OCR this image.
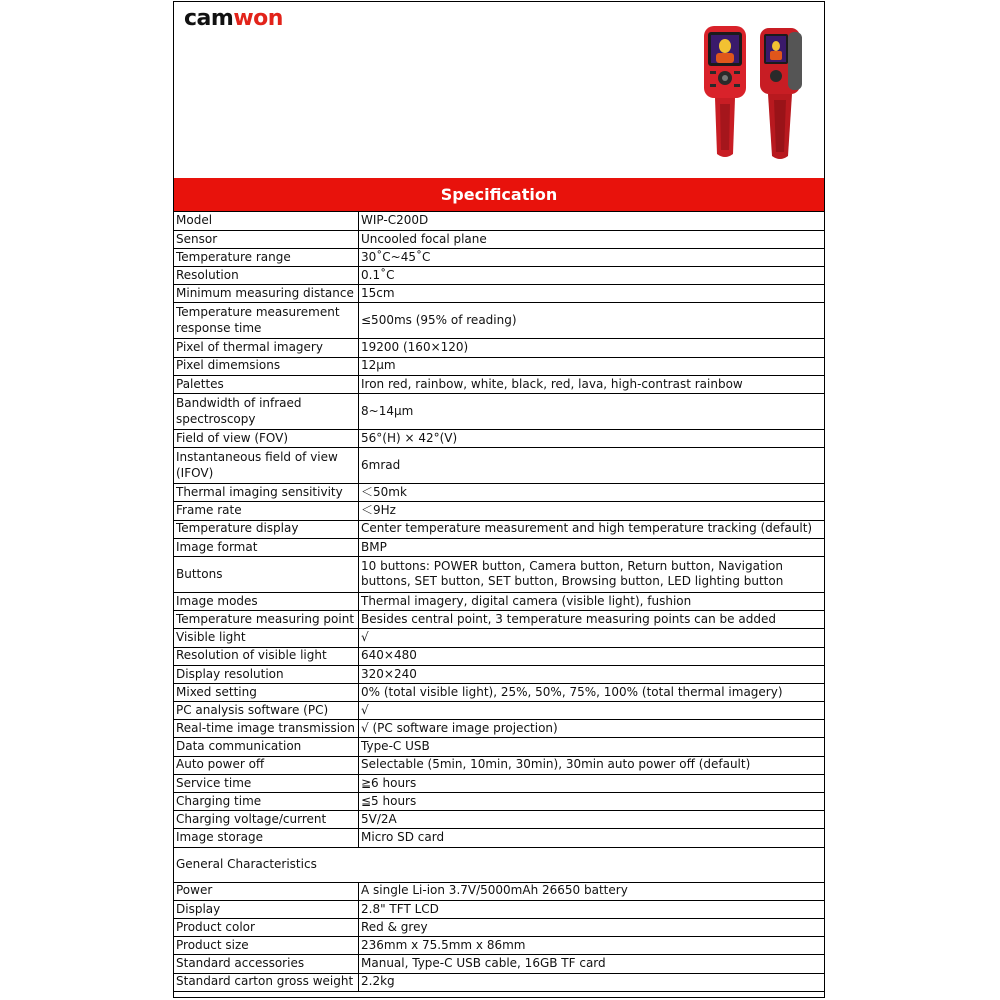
camwon
Specification
Model	WIP-C200D
Sensor	Uncooled focal plane
Temperature range	30˚C~45˚C
Resolution	0.1˚C
Minimum measuring distance	15cm
Temperature measurement response time	≤500ms (95% of reading)
Pixel of thermal imagery	19200 (160×120)
Pixel dimemsions	12μm
Palettes	Iron red, rainbow, white, black, red, lava, high-contrast rainbow
Bandwidth of infraed spectroscopy	8~14μm
Field of view (FOV)	56°(H) × 42°(V)
Instantaneous field of view (IFOV)	6mrad
Thermal imaging sensitivity	＜50mk
Frame rate	＜9Hz
Temperature display	Center temperature measurement and high temperature tracking (default)
Image format	BMP
Buttons	10 buttons: POWER button, Camera button, Return button, Navigation buttons, SET button, SET button, Browsing button, LED lighting button
Image modes	Thermal imagery, digital camera (visible light), fushion
Temperature measuring point	Besides central point, 3 temperature measuring points can be added
Visible light	√
Resolution of visible light	640×480
Display resolution	320×240
Mixed setting	0% (total visible light), 25%, 50%, 75%, 100% (total thermal imagery)
PC analysis software (PC)	√
Real-time image transmission	√ (PC software image projection)
Data communication	Type-C USB
Auto power off	Selectable (5min, 10min, 30min), 30min auto power off (default)
Service time	≧6 hours
Charging time	≦5 hours
Charging voltage/current	5V/2A
Image storage	Micro SD card
General Characteristics	
Power	A single Li-ion 3.7V/5000mAh 26650 battery
Display	2.8" TFT LCD
Product color	Red & grey
Product size	236mm x 75.5mm x 86mm
Standard accessories	Manual, Type-C USB cable, 16GB TF card
Standard carton gross weight	2.2kg
